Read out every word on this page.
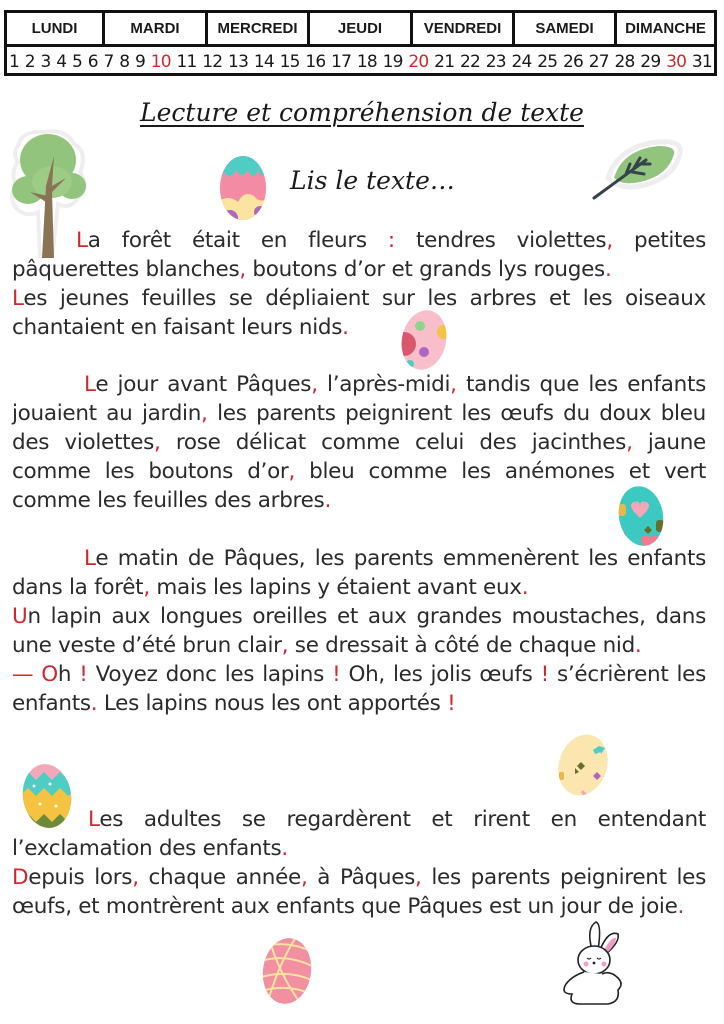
LUNDI	MARDI	MERCREDI	JEUDI	VENDREDI	SAMEDI	DIMANCHE
1 2 3 4 5 6 7 8 9 10 11 12 13 14 15 16 17 18 19 20 21 22 23 24 25 26 27 28 29 30 31
Lecture et compréhension de texte
Lis le texte…
La forêt était en fleurs : tendres violettes, petites pâquerettes blanches, boutons d’or et grands lys rouges.
Les jeunes feuilles se dépliaient sur les arbres et les oiseaux chantaient en faisant leurs nids.
Le jour avant Pâques, l’après-midi, tandis que les enfants jouaient au jardin, les parents peignirent les œufs du doux bleu des violettes, rose délicat comme celui des jacinthes, jaune comme les boutons d’or, bleu comme les anémones et vert comme les feuilles des arbres.
Le matin de Pâques, les parents emmenèrent les enfants dans la forêt, mais les lapins y étaient avant eux.
Un lapin aux longues oreilles et aux grandes moustaches, dans une veste d’été brun clair, se dressait à côté de chaque nid.
— Oh ! Voyez donc les lapins ! Oh, les jolis œufs ! s’écrièrent les enfants. Les lapins nous les ont apportés !
Les adultes se regardèrent et rirent en entendant l’exclamation des enfants.
Depuis lors, chaque année, à Pâques, les parents peignirent les œufs, et montrèrent aux enfants que Pâques est un jour de joie.
